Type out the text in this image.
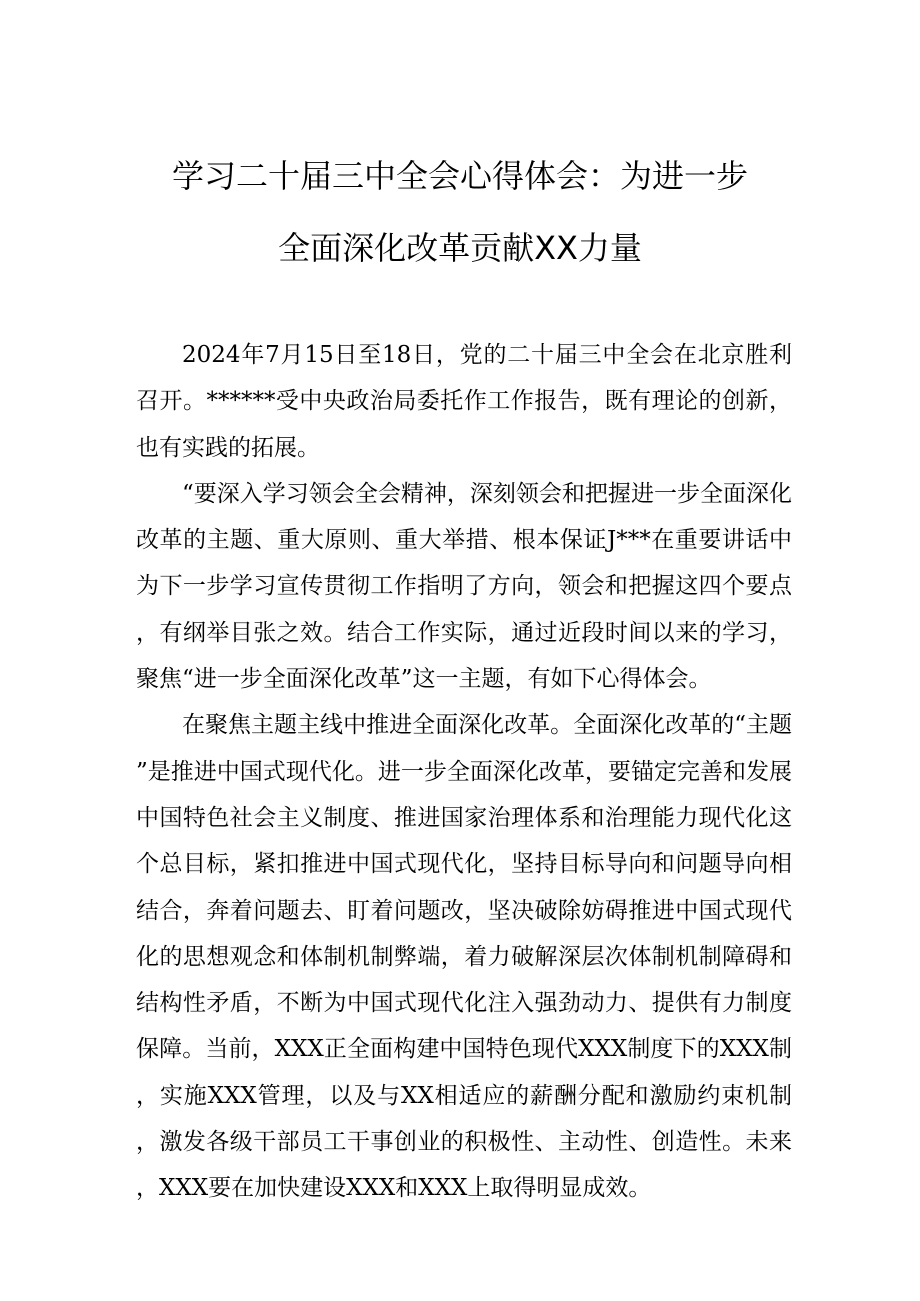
学习二十届三中全会心得体会：为进一步
全面深化改革贡献XX力量

2024年7月15日至18日，党的二十届三中全会在北京胜利召开。******受中央政治局委托作工作报告，既有理论的创新，也有实践的拓展。

“要深入学习领会全会精神，深刻领会和把握进一步全面深化改革的主题、重大原则、重大举措、根本保证J***在重要讲话中为下一步学习宣传贯彻工作指明了方向，领会和把握这四个要点，有纲举目张之效。结合工作实际，通过近段时间以来的学习，聚焦“进一步全面深化改革”这一主题，有如下心得体会。

在聚焦主题主线中推进全面深化改革。全面深化改革的“主题”是推进中国式现代化。进一步全面深化改革，要锚定完善和发展中国特色社会主义制度、推进国家治理体系和治理能力现代化这个总目标，紧扣推进中国式现代化，坚持目标导向和问题导向相结合，奔着问题去、盯着问题改，坚决破除妨碍推进中国式现代化的思想观念和体制机制弊端，着力破解深层次体制机制障碍和结构性矛盾，不断为中国式现代化注入强劲动力、提供有力制度保障。当前，XXX正全面构建中国特色现代XXX制度下的XXX制，实施XXX管理，以及与XX相适应的薪酬分配和激励约束机制，激发各级干部员工干事创业的积极性、主动性、创造性。未来，XXX要在加快建设XXX和XXX上取得明显成效。
